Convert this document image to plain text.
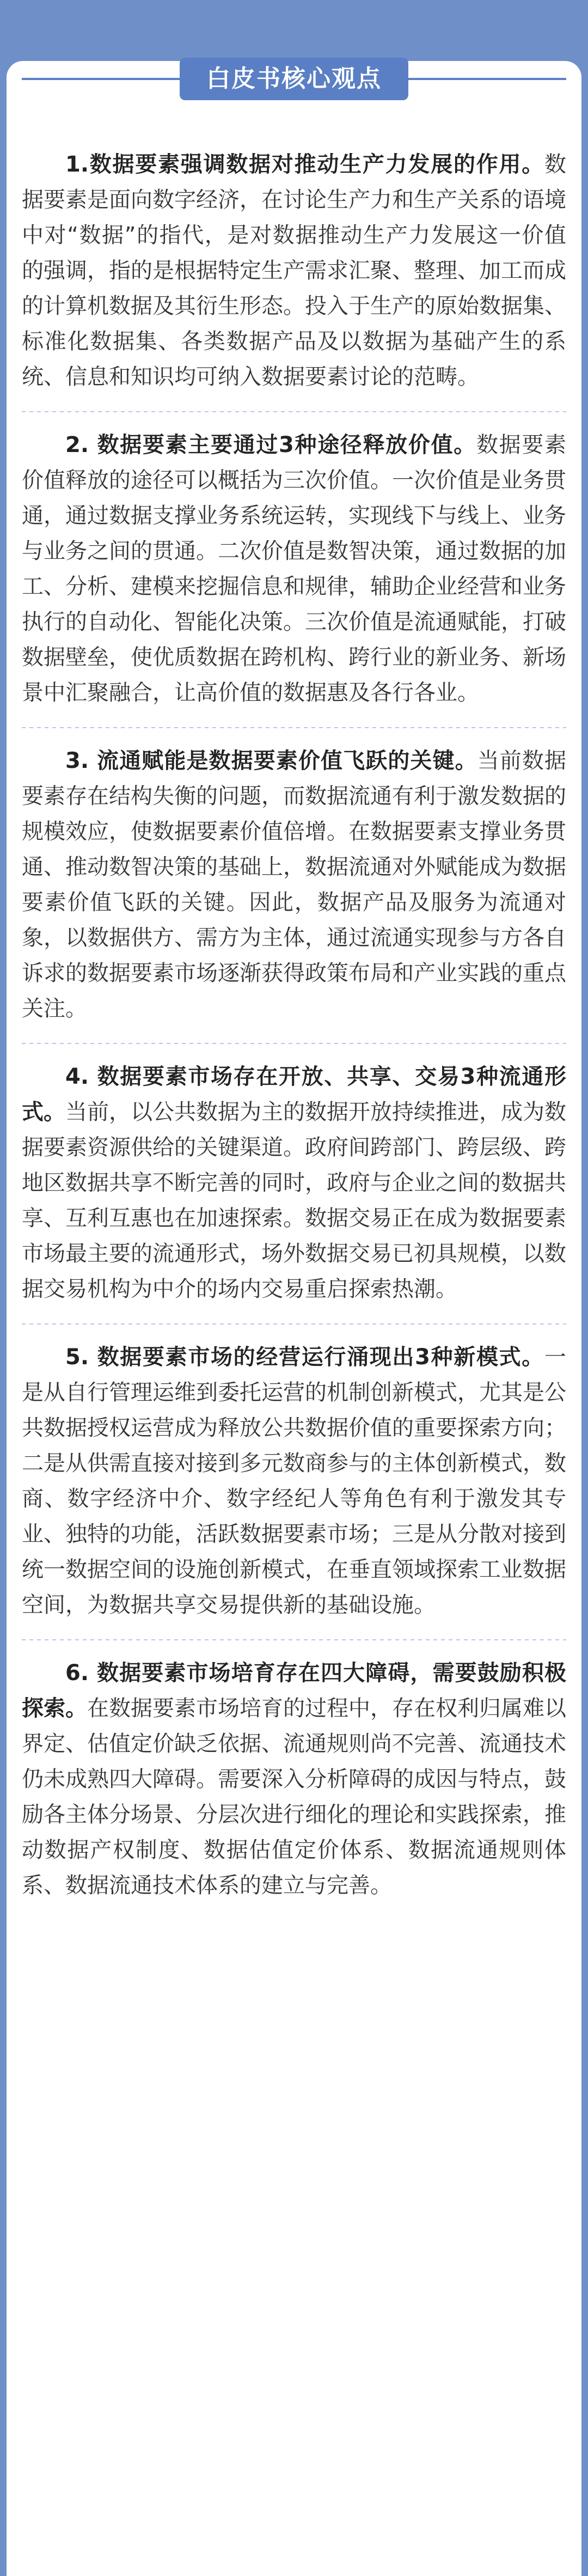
白皮书核心观点

1.数据要素强调数据对推动生产力发展的作用。数据要素是面向数字经济，在讨论生产力和生产关系的语境中对“数据”的指代，是对数据推动生产力发展这一价值的强调，指的是根据特定生产需求汇聚、整理、加工而成的计算机数据及其衍生形态。投入于生产的原始数据集、标准化数据集、各类数据产品及以数据为基础产生的系统、信息和知识均可纳入数据要素讨论的范畴。

2. 数据要素主要通过3种途径释放价值。数据要素价值释放的途径可以概括为三次价值。一次价值是业务贯通，通过数据支撑业务系统运转，实现线下与线上、业务与业务之间的贯通。二次价值是数智决策，通过数据的加工、分析、建模来挖掘信息和规律，辅助企业经营和业务执行的自动化、智能化决策。三次价值是流通赋能，打破数据壁垒，使优质数据在跨机构、跨行业的新业务、新场景中汇聚融合，让高价值的数据惠及各行各业。

3. 流通赋能是数据要素价值飞跃的关键。当前数据要素存在结构失衡的问题，而数据流通有利于激发数据的规模效应，使数据要素价值倍增。在数据要素支撑业务贯通、推动数智决策的基础上，数据流通对外赋能成为数据要素价值飞跃的关键。因此，数据产品及服务为流通对象，以数据供方、需方为主体，通过流通实现参与方各自诉求的数据要素市场逐渐获得政策布局和产业实践的重点关注。

4. 数据要素市场存在开放、共享、交易3种流通形式。当前，以公共数据为主的数据开放持续推进，成为数据要素资源供给的关键渠道。政府间跨部门、跨层级、跨地区数据共享不断完善的同时，政府与企业之间的数据共享、互利互惠也在加速探索。数据交易正在成为数据要素市场最主要的流通形式，场外数据交易已初具规模，以数据交易机构为中介的场内交易重启探索热潮。

5. 数据要素市场的经营运行涌现出3种新模式。一是从自行管理运维到委托运营的机制创新模式，尤其是公共数据授权运营成为释放公共数据价值的重要探索方向；二是从供需直接对接到多元数商参与的主体创新模式，数商、数字经济中介、数字经纪人等角色有利于激发其专业、独特的功能，活跃数据要素市场；三是从分散对接到统一数据空间的设施创新模式，在垂直领域探索工业数据空间，为数据共享交易提供新的基础设施。

6. 数据要素市场培育存在四大障碍，需要鼓励积极探索。在数据要素市场培育的过程中，存在权利归属难以界定、估值定价缺乏依据、流通规则尚不完善、流通技术仍未成熟四大障碍。需要深入分析障碍的成因与特点，鼓励各主体分场景、分层次进行细化的理论和实践探索，推动数据产权制度、数据估值定价体系、数据流通规则体系、数据流通技术体系的建立与完善。
